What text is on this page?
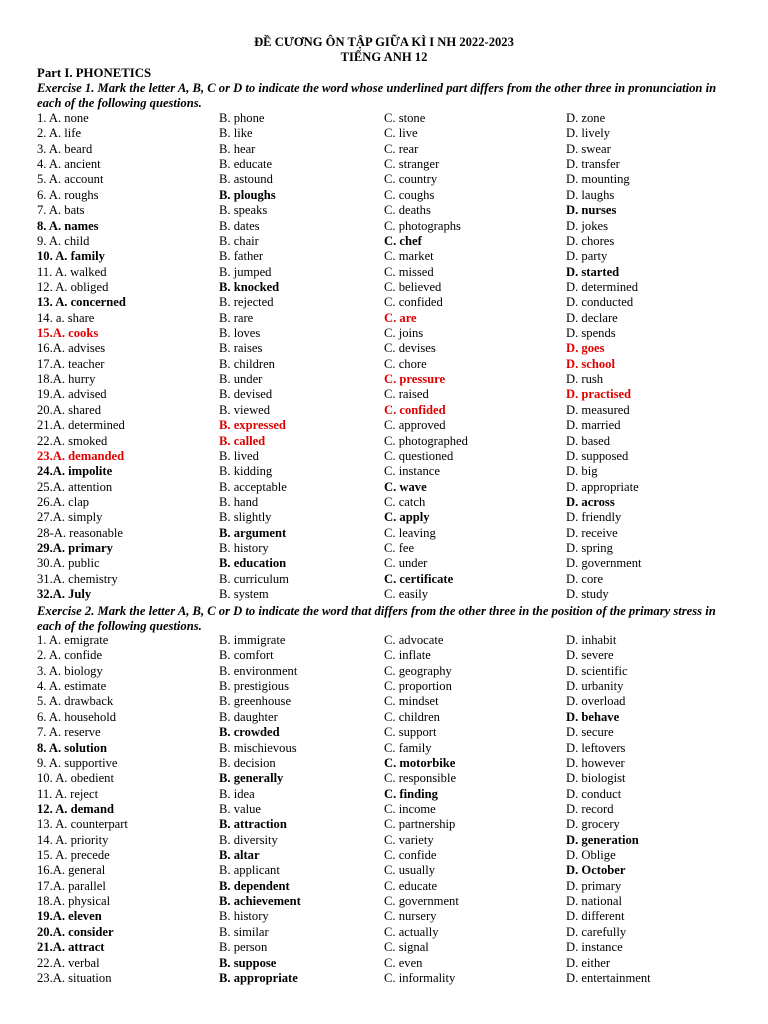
ĐỀ CƯƠNG ÔN TẬP GIỮA KÌ I NH 2022-2023
TIẾNG ANH 12
Part I. PHONETICS
Exercise 1. Mark the letter A, B, C or D to indicate the word whose underlined part differs from the other three in pronunciation in each of the following questions.
1. A. none	B. phone	C. stone	D. zone
2. A. life	B. like	C. live	D. lively
3. A. beard	B. hear	C. rear	D. swear
4. A. ancient	B. educate	C. stranger	D. transfer
5. A. account	B. astound	C. country	D. mounting
6. A. roughs	B. ploughs	C. coughs	D. laughs
7. A. bats	B. speaks	C. deaths	D. nurses
8. A. names	B. dates	C. photographs	D. jokes
9. A. child	B. chair	C. chef	D. chores
10. A. family	B. father	C. market	D. party
11. A. walked	B. jumped	C. missed	D. started
12. A. obliged	B. knocked	C. believed	D. determined
13. A. concerned	B. rejected	C. confided	D. conducted
14. a. share	B. rare	C. are	D. declare
15.A. cooks	B. loves	C. joins	D. spends
16.A. advises	B. raises	C. devises	D. goes
17.A. teacher	B. children	C. chore	D. school
18.A. hurry	B. under	C. pressure	D. rush
19.A. advised	B. devised	C. raised	D. practised
20.A. shared	B. viewed	C. confided	D. measured
21.A. determined	B. expressed	C. approved	D. married
22.A. smoked	B. called	C. photographed	D. based
23.A. demanded	B. lived	C. questioned	D. supposed
24.A. impolite	B. kidding	C. instance	D. big
25.A. attention	B. acceptable	C. wave	D. appropriate
26.A. clap	B. hand	C. catch	D. across
27.A. simply	B. slightly	C. apply	D. friendly
28-A. reasonable	B. argument	C. leaving	D. receive
29.A. primary	B. history	C. fee	D. spring
30.A. public	B. education	C. under	D. government
31.A. chemistry	B. curriculum	C. certificate	D. core
32.A. July	B. system	C. easily	D. study
Exercise 2. Mark the letter A, B, C or D to indicate the word that differs from the other three in the position of the primary stress in each of the following questions.
1. A. emigrate	B. immigrate	C. advocate	D. inhabit
2. A. confide	B. comfort	C. inflate	D. severe
3. A. biology	B. environment	C. geography	D. scientific
4. A. estimate	B. prestigious	C. proportion	D. urbanity
5. A. drawback	B. greenhouse	C. mindset	D. overload
6. A. household	B. daughter	C. children	D. behave
7. A. reserve	B. crowded	C. support	D. secure
8. A. solution	B. mischievous	C. family	D. leftovers
9. A. supportive	B. decision	C. motorbike	D. however
10. A. obedient	B. generally	C. responsible	D. biologist
11. A. reject	B. idea	C. finding	D. conduct
12. A. demand	B. value	C. income	D. record
13. A. counterpart	B. attraction	C. partnership	D. grocery
14. A. priority	B. diversity	C. variety	D. generation
15. A. precede	B. altar	C. confide	D. Oblige
16.A. general	B. applicant	C. usually	D. October
17.A. parallel	B. dependent	C. educate	D. primary
18.A. physical	B. achievement	C. government	D. national
19.A. eleven	B. history	C. nursery	D. different
20.A. consider	B. similar	C. actually	D. carefully
21.A. attract	B. person	C. signal	D. instance
22.A. verbal	B. suppose	C. even	D. either
23.A. situation	B. appropriate	C. informality	D. entertainment
